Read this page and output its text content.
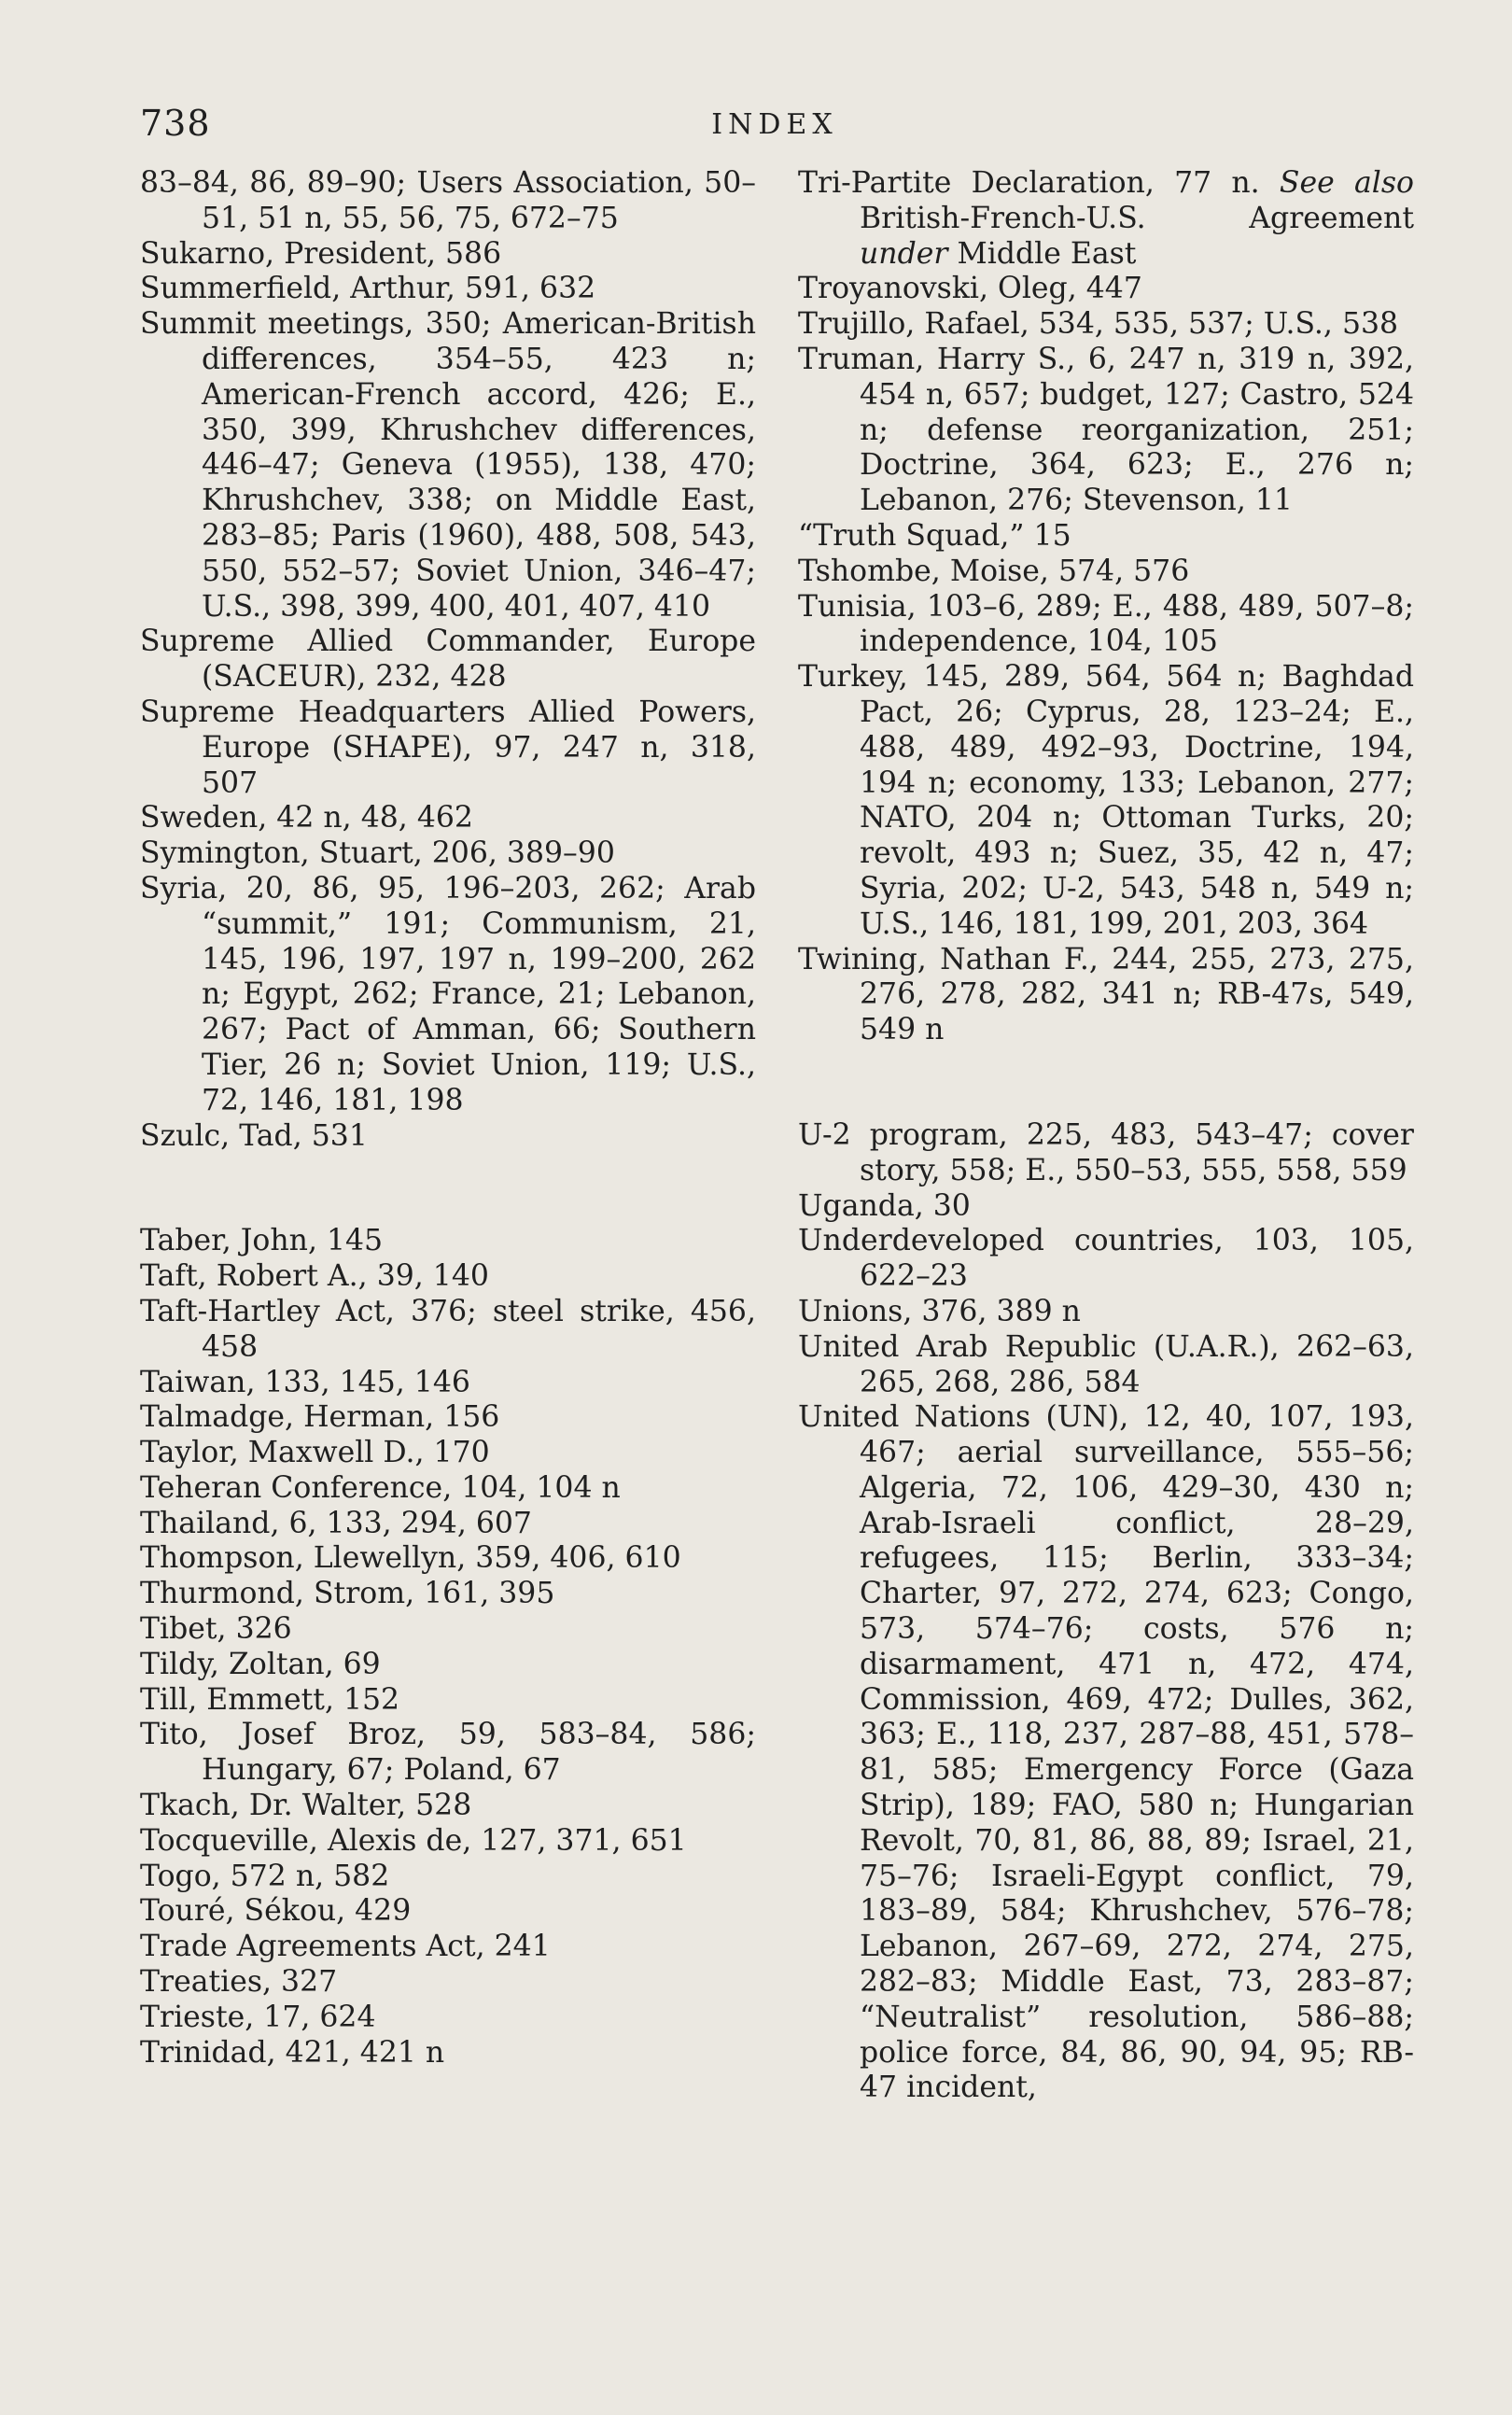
738	INDEX
83–84, 86, 89–90; Users Association, 50–51, 51 n, 55, 56, 75, 672–75
Sukarno, President, 586
Summerfield, Arthur, 591, 632
Summit meetings, 350; American-British differences, 354–55, 423 n; American-French accord, 426; E., 350, 399, Khrushchev differences, 446–47; Geneva (1955), 138, 470; Khrushchev, 338; on Middle East, 283–85; Paris (1960), 488, 508, 543, 550, 552–57; Soviet Union, 346–47; U.S., 398, 399, 400, 401, 407, 410
Supreme Allied Commander, Europe (SACEUR), 232, 428
Supreme Headquarters Allied Powers, Europe (SHAPE), 97, 247 n, 318, 507
Sweden, 42 n, 48, 462
Symington, Stuart, 206, 389–90
Syria, 20, 86, 95, 196–203, 262; Arab “summit,” 191; Communism, 21, 145, 196, 197, 197 n, 199–200, 262 n; Egypt, 262; France, 21; Lebanon, 267; Pact of Amman, 66; Southern Tier, 26 n; Soviet Union, 119; U.S., 72, 146, 181, 198
Szulc, Tad, 531
Taber, John, 145
Taft, Robert A., 39, 140
Taft-Hartley Act, 376; steel strike, 456, 458
Taiwan, 133, 145, 146
Talmadge, Herman, 156
Taylor, Maxwell D., 170
Teheran Conference, 104, 104 n
Thailand, 6, 133, 294, 607
Thompson, Llewellyn, 359, 406, 610
Thurmond, Strom, 161, 395
Tibet, 326
Tildy, Zoltan, 69
Till, Emmett, 152
Tito, Josef Broz, 59, 583–84, 586; Hungary, 67; Poland, 67
Tkach, Dr. Walter, 528
Tocqueville, Alexis de, 127, 371, 651
Togo, 572 n, 582
Touré, Sékou, 429
Trade Agreements Act, 241
Treaties, 327
Trieste, 17, 624
Trinidad, 421, 421 n
Tri-Partite Declaration, 77 n. See also British-French-U.S. Agreement under Middle East
Troyanovski, Oleg, 447
Trujillo, Rafael, 534, 535, 537; U.S., 538
Truman, Harry S., 6, 247 n, 319 n, 392, 454 n, 657; budget, 127; Castro, 524 n; defense reorganization, 251; Doctrine, 364, 623; E., 276 n; Lebanon, 276; Stevenson, 11
“Truth Squad,” 15
Tshombe, Moise, 574, 576
Tunisia, 103–6, 289; E., 488, 489, 507–8; independence, 104, 105
Turkey, 145, 289, 564, 564 n; Baghdad Pact, 26; Cyprus, 28, 123–24; E., 488, 489, 492–93, Doctrine, 194, 194 n; economy, 133; Lebanon, 277; NATO, 204 n; Ottoman Turks, 20; revolt, 493 n; Suez, 35, 42 n, 47; Syria, 202; U-2, 543, 548 n, 549 n; U.S., 146, 181, 199, 201, 203, 364
Twining, Nathan F., 244, 255, 273, 275, 276, 278, 282, 341 n; RB-47s, 549, 549 n
U-2 program, 225, 483, 543–47; cover story, 558; E., 550–53, 555, 558, 559
Uganda, 30
Underdeveloped countries, 103, 105, 622–23
Unions, 376, 389 n
United Arab Republic (U.A.R.), 262–63, 265, 268, 286, 584
United Nations (UN), 12, 40, 107, 193, 467; aerial surveillance, 555–56; Algeria, 72, 106, 429–30, 430 n; Arab-Israeli conflict, 28–29, refugees, 115; Berlin, 333–34; Charter, 97, 272, 274, 623; Congo, 573, 574–76; costs, 576 n; disarmament, 471 n, 472, 474, Commission, 469, 472; Dulles, 362, 363; E., 118, 237, 287–88, 451, 578–81, 585; Emergency Force (Gaza Strip), 189; FAO, 580 n; Hungarian Revolt, 70, 81, 86, 88, 89; Israel, 21, 75–76; Israeli-Egypt conflict, 79, 183–89, 584; Khrushchev, 576–78; Lebanon, 267–69, 272, 274, 275, 282–83; Middle East, 73, 283–87; “Neutralist” resolution, 586–88; police force, 84, 86, 90, 94, 95; RB-47 incident,
